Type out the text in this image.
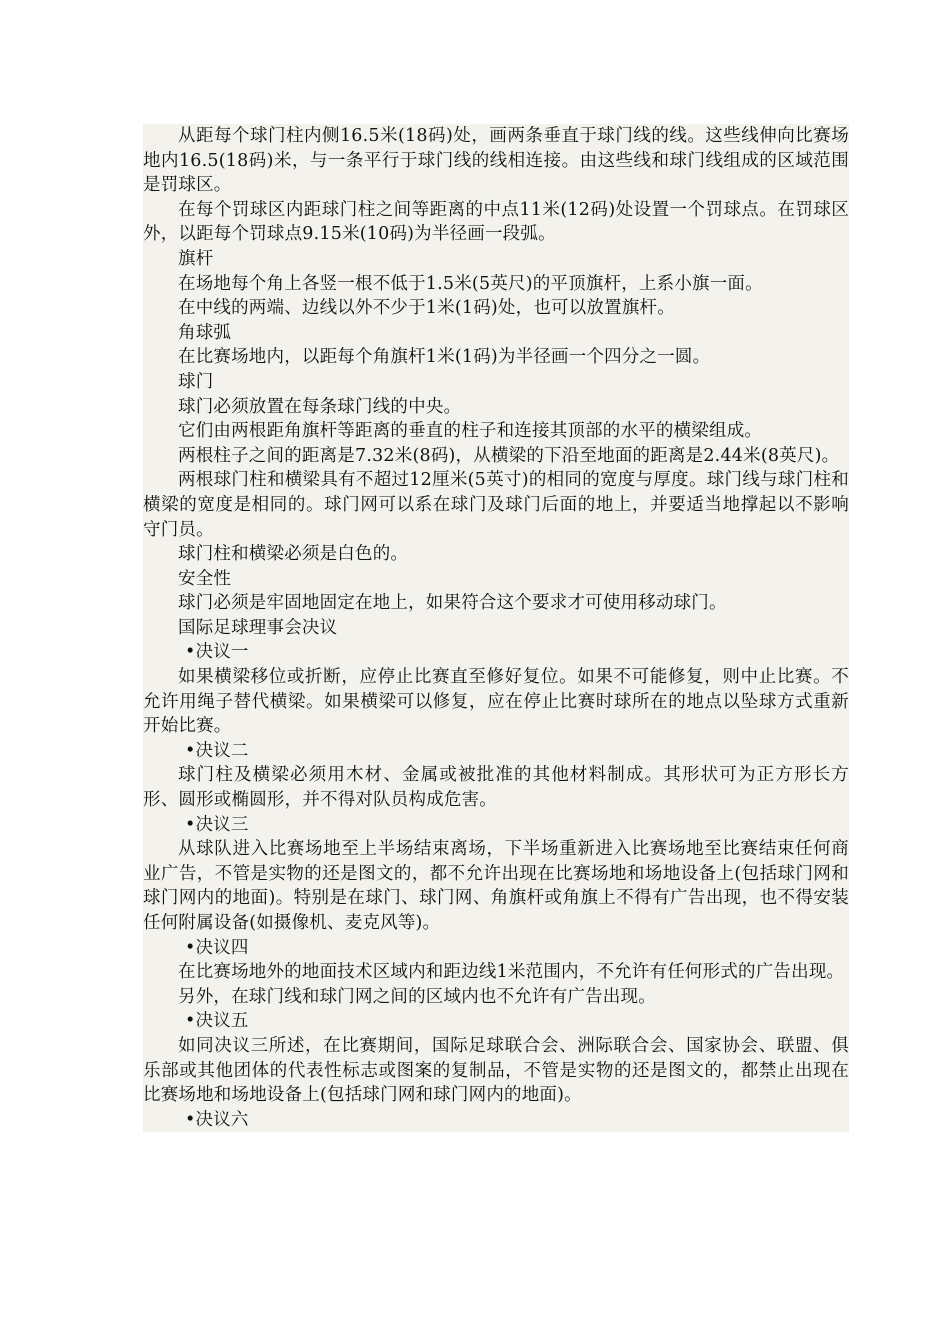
从距每个球门柱内侧16.5米(18码)处，画两条垂直于球门线的线。这些线伸向比赛场地内16.5(18码)米，与一条平行于球门线的线相连接。由这些线和球门线组成的区域范围是罚球区。

在每个罚球区内距球门柱之间等距离的中点11米(12码)处设置一个罚球点。在罚球区外，以距每个罚球点9.15米(10码)为半径画一段弧。

旗杆

在场地每个角上各竖一根不低于1.5米(5英尺)的平顶旗杆，上系小旗一面。

在中线的两端、边线以外不少于1米(1码)处，也可以放置旗杆。

角球弧

在比赛场地内，以距每个角旗杆1米(1码)为半径画一个四分之一圆。

球门

球门必须放置在每条球门线的中央。

它们由两根距角旗杆等距离的垂直的柱子和连接其顶部的水平的横梁组成。

两根柱子之间的距离是7.32米(8码)，从横梁的下沿至地面的距离是2.44米(8英尺)。

两根球门柱和横梁具有不超过12厘米(5英寸)的相同的宽度与厚度。球门线与球门柱和横梁的宽度是相同的。球门网可以系在球门及球门后面的地上，并要适当地撑起以不影响守门员。

球门柱和横梁必须是白色的。

安全性

球门必须是牢固地固定在地上，如果符合这个要求才可使用移动球门。

国际足球理事会决议

•决议一

如果横梁移位或折断，应停止比赛直至修好复位。如果不可能修复，则中止比赛。不允许用绳子替代横梁。如果横梁可以修复，应在停止比赛时球所在的地点以坠球方式重新开始比赛。

•决议二

球门柱及横梁必须用木材、金属或被批准的其他材料制成。其形状可为正方形长方形、圆形或椭圆形，并不得对队员构成危害。

•决议三

从球队进入比赛场地至上半场结束离场，下半场重新进入比赛场地至比赛结束任何商业广告，不管是实物的还是图文的，都不允许出现在比赛场地和场地设备上(包括球门网和球门网内的地面)。特别是在球门、球门网、角旗杆或角旗上不得有广告出现，也不得安装任何附属设备(如摄像机、麦克风等)。

•决议四

在比赛场地外的地面技术区域内和距边线1米范围内，不允许有任何形式的广告出现。

另外，在球门线和球门网之间的区域内也不允许有广告出现。

•决议五

如同决议三所述，在比赛期间，国际足球联合会、洲际联合会、国家协会、联盟、俱乐部或其他团体的代表性标志或图案的复制品，不管是实物的还是图文的，都禁止出现在比赛场地和场地设备上(包括球门网和球门网内的地面)。

•决议六
